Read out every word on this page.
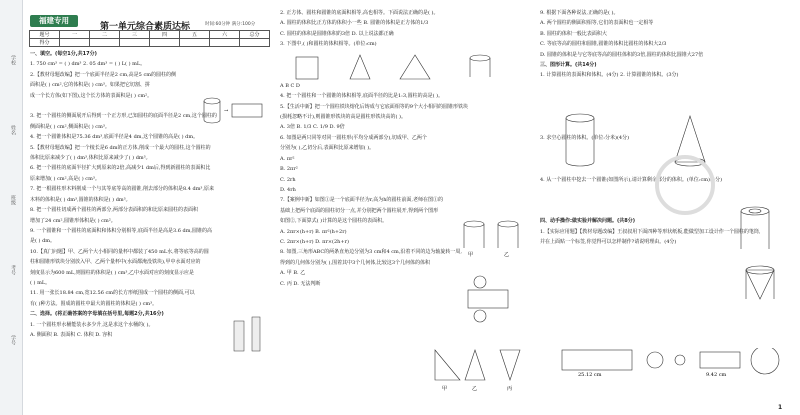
学校
姓名
班级
考号
学号
福建专用
第一单元综合素质达标	时间:60分钟 满分:100分
题号	一	二	三	四	五	六	总分
得分							
一、填空。(每空1分,共17分)
1. 750 cm³ = ( ) dm³ 2. 05 dm³ = ( ) L( ) mL。
2.【教材母题改编】把一个底面半径是2 cm,高是5 cm的圆柱的侧
面积是( ) cm²,它的体积是( ) cm³。如果把它切割、拼
成一个长方体(如下图),这个长方体的表面积是( ) cm²。

3. 把一个圆柱的侧面展开后得到一个正方形,已知圆柱的底面半径是2 cm,这个圆柱的
侧面积是( ) cm²,侧面积是( ) cm³。
4. 把一个圆锥体积是75.36 dm³,底面半径是4 dm,这个圆锥的高是( ) dm。
5.【教材母题改编】把一个棱长是6 dm的正方体,削成一个最大的圆柱,这个圆柱的
体积比原来减少了( ) dm³,体积比原来减少了( ) dm³。
6. 把一个圆柱的底面半径扩大到原来的2倍,高减少1 dm后,得到新圆柱的表面积比
原来增加( ) cm²,高是( ) cm³。
7. 把一根圆柱形木料削成一个与其等底等高的圆锥,削去部分的体积是8.4 dm³,原来
木料的体积是( ) dm³,圆锥的体积是( ) dm³。
8. 把一个圆柱切成两个圆柱的两部分,两部分表面积的和比原来圆柱的表面积
增加了24 cm²,圆锥形体积是( ) cm²。
9. 一个圆锥和一个圆柱的底面积和体积分别相等,底面半径是高是3.6 dm,圆锥的高
是( ) dm。
10.【真门问题】甲、乙两个大小相同的量杯中都装了450 mL水,将等底等高的圆
柱和圆锥形铁块分别放入甲、乙两个量杯中(水面都淹没铁块),甲中水面对应的
刻度显示为600 mL,则圆柱的体积是( ) cm³,乙中水面对应的刻度显示应是
( ) mL。
11. 用一张长18.84 cm,宽12.56 cm的长方形纸围成一个圆柱的侧面,可以
有( )种方法。围成的圆柱中最大的圆柱的体积是( ) cm³。
二、选择。(将正确答案的字母填在括号里,每题2分,共16分)
1. 一个圆柱形水桶能装水多少升,这是求这个水桶的( )。
A. 侧面积 B. 表面积 C. 体积 D. 容积
2. 正方体、圆柱和圆锥的底面积相等,高也相等。下面说法正确的是( )。
A. 圆柱的体积比正方体的体积小一些 B. 圆锥的体积是正方体的1/3
C. 圆柱的体积是圆锥体积的3倍 D. 以上说法都正确
3. 下图中,( )和圆柱的体积相等。(单位:cm)

A B C D
4. 把一个圆柱和一个圆锥的体积相等,底面半径的比是1:3,圆柱的高是( )。
5.【生活中新】把一个圆柱铁块熔化后铸成与它底面相等的9个大小相同的圆锥形铁块
(损耗忽略不计),则圆锥形铁块的高是圆柱形铁块高的( )。
A. 3倍 B. 1/3 C. 1/9 D. 9倍
6. 如图是两只同等对同一圆柱形(平均分成两部分),切成甲、乙两个
分别为( ),乙切分后,表面积比原来增加( )。
A. πr²
B. 2πr²
C. 2rh
D. 4rh
7.【案例中新】如图①是一个底面半径为r,高为h的圆柱前面,老师在图①的
基础上把两个底面的圆柱切分一点,并分别把两个圆柱展开,得到两个图形
如图②,下面算式( )计算的是这个圆柱的表面积。
A. 2πr×(h+r) B. πr²(h+2r)
C. 2πr×(h+r) D. πr×(2h+r)
8. 如图,三角形ABC的两条直角边分别为3 cm和4 cm,沿着不同的边为轴旋转一周,
得到的几何体分别为( ),围着其中3个几何体,比较这3个几何体的体积
A. 甲 B. 乙
C. 丙 D. 无法判断
9. 根据下面各种说法,正确的是( )。
A. 两个圆柱的侧面积相等,它们的表面积也一定相等
B. 圆柱的体积一般比表面积大
C. 等底等高的圆柱和圆锥,圆锥的体积比圆柱的体积大2/3
D. 圆锥的体积是与它等底等高的圆柱体积的3倍,圆柱的体积比圆锥大27倍
三、图形计算。(共14分)
1. 计算圆柱的表面积和体积。(4分) 2. 计算圆锥的体积。(3分)

3. 求空心圆柱的体积。(单位:分米)(4分)

4. 从一个圆柱中挖去一个圆锥(如图所示),请计算剩余部分的体积。(单位:cm)(4分)

四、动手操作:做实验并解决问题。(共8分)
1.【实际应用题】【教材母题改编】王叔叔用下面四种等形状纸板,能做型加工设计作一个圆柱的笔筒,
并在上面贴一个标签,你觉得可以怎样制作?请说明理由。(4分)

→
甲	乙
甲	乙	丙
25.12 cm	9.42 cm
1
